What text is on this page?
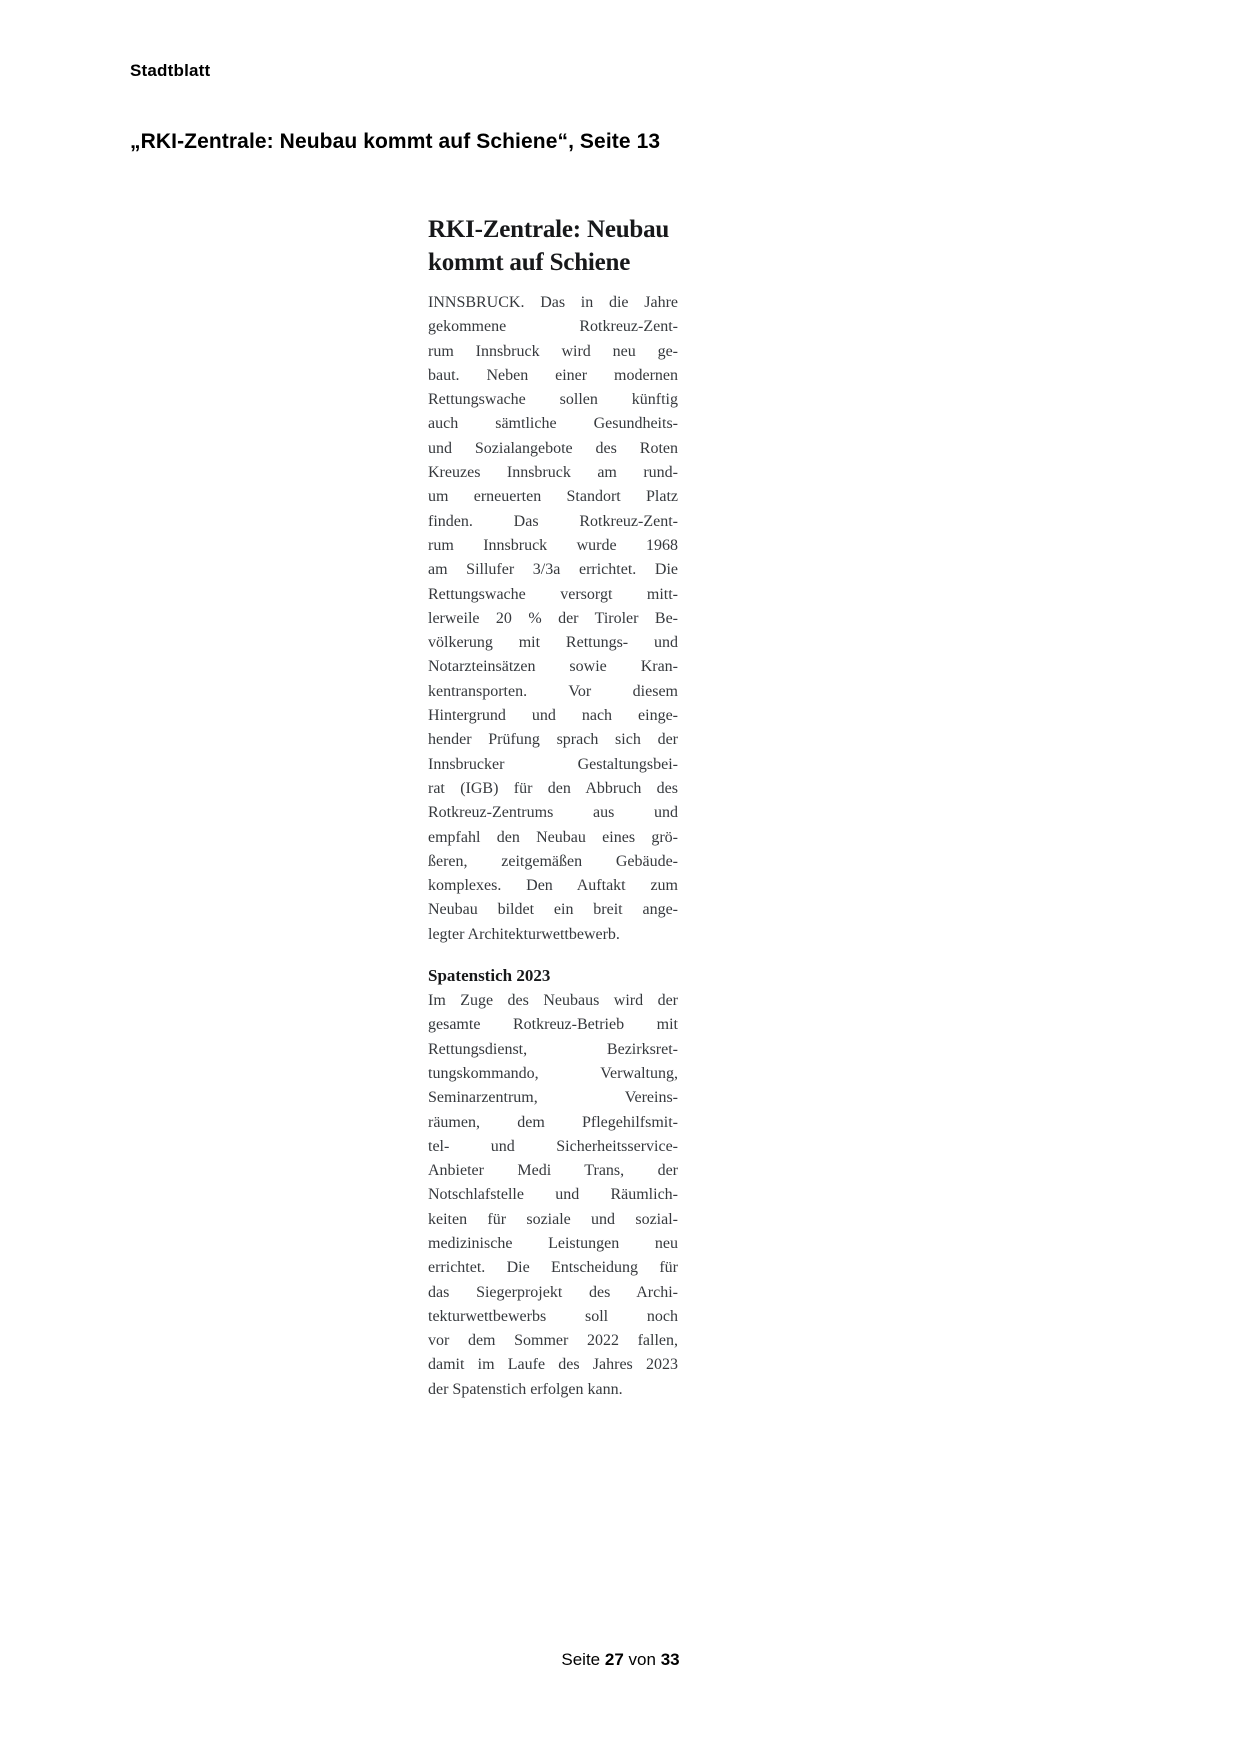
Stadtblatt
„RKI-Zentrale: Neubau kommt auf Schiene“, Seite 13
RKI-Zentrale: Neubau
kommt auf Schiene
INNSBRUCK. Das in die Jahre
gekommene Rotkreuz-Zent-
rum Innsbruck wird neu ge-
baut. Neben einer modernen
Rettungswache sollen künftig
auch sämtliche Gesundheits-
und Sozialangebote des Roten
Kreuzes Innsbruck am rund-
um erneuerten Standort Platz
finden. Das Rotkreuz-Zent-
rum Innsbruck wurde 1968
am Sillufer 3/3a errichtet. Die
Rettungswache versorgt mitt-
lerweile 20 % der Tiroler Be-
völkerung mit Rettungs- und
Notarzteinsätzen sowie Kran-
kentransporten. Vor diesem
Hintergrund und nach einge-
hender Prüfung sprach sich der
Innsbrucker Gestaltungsbei-
rat (IGB) für den Abbruch des
Rotkreuz-Zentrums aus und
empfahl den Neubau eines grö-
ßeren, zeitgemäßen Gebäude-
komplexes. Den Auftakt zum
Neubau bildet ein breit ange-
legter Architekturwettbewerb.
Spatenstich 2023
Im Zuge des Neubaus wird der
gesamte Rotkreuz-Betrieb mit
Rettungsdienst, Bezirksret-
tungskommando, Verwaltung,
Seminarzentrum, Vereins-
räumen, dem Pflegehilfsmit-
tel- und Sicherheitsservice-
Anbieter Medi Trans, der
Notschlafstelle und Räumlich-
keiten für soziale und sozial-
medizinische Leistungen neu
errichtet. Die Entscheidung für
das Siegerprojekt des Archi-
tekturwettbewerbs soll noch
vor dem Sommer 2022 fallen,
damit im Laufe des Jahres 2023
der Spatenstich erfolgen kann.
Seite 27 von 33
